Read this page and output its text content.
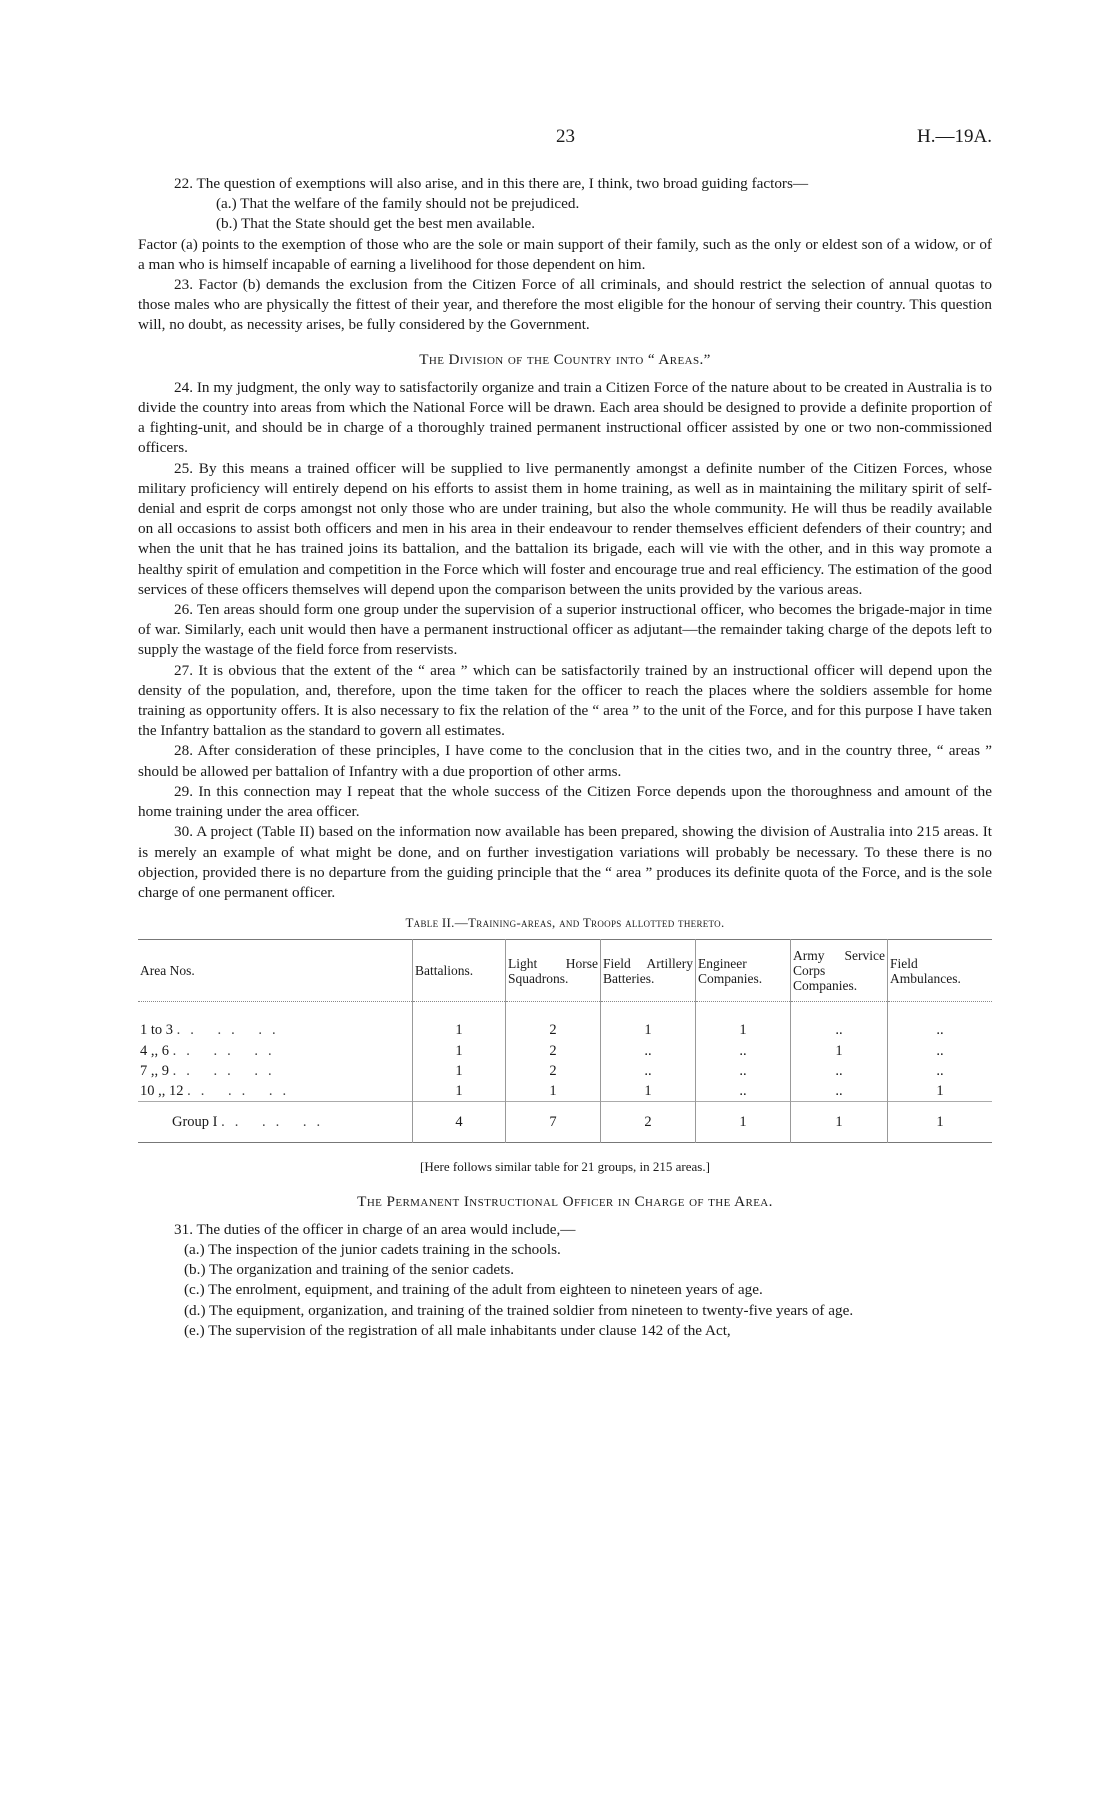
23	H.—19A.

22. The question of exemptions will also arise, and in this there are, I think, two broad guiding factors—

(a.) That the welfare of the family should not be prejudiced.

(b.) That the State should get the best men available.

Factor (a) points to the exemption of those who are the sole or main support of their family, such as the only or eldest son of a widow, or of a man who is himself incapable of earning a livelihood for those dependent on him.

23. Factor (b) demands the exclusion from the Citizen Force of all criminals, and should restrict the selection of annual quotas to those males who are physically the fittest of their year, and therefore the most eligible for the honour of serving their country. This question will, no doubt, as necessity arises, be fully considered by the Government.

The Division of the Country into “ Areas.”

24. In my judgment, the only way to satisfactorily organize and train a Citizen Force of the nature about to be created in Australia is to divide the country into areas from which the National Force will be drawn. Each area should be designed to provide a definite proportion of a fighting-unit, and should be in charge of a thoroughly trained permanent instructional officer assisted by one or two non-commissioned officers.

25. By this means a trained officer will be supplied to live permanently amongst a definite number of the Citizen Forces, whose military proficiency will entirely depend on his efforts to assist them in home training, as well as in maintaining the military spirit of self-denial and esprit de corps amongst not only those who are under training, but also the whole community. He will thus be readily available on all occasions to assist both officers and men in his area in their endeavour to render themselves efficient defenders of their country; and when the unit that he has trained joins its battalion, and the battalion its brigade, each will vie with the other, and in this way promote a healthy spirit of emulation and competition in the Force which will foster and encourage true and real efficiency. The estimation of the good services of these officers themselves will depend upon the comparison between the units provided by the various areas.

26. Ten areas should form one group under the supervision of a superior instructional officer, who becomes the brigade-major in time of war. Similarly, each unit would then have a permanent instructional officer as adjutant—the remainder taking charge of the depots left to supply the wastage of the field force from reservists.

27. It is obvious that the extent of the “ area ” which can be satisfactorily trained by an instructional officer will depend upon the density of the population, and, therefore, upon the time taken for the officer to reach the places where the soldiers assemble for home training as opportunity offers. It is also necessary to fix the relation of the “ area ” to the unit of the Force, and for this purpose I have taken the Infantry battalion as the standard to govern all estimates.

28. After consideration of these principles, I have come to the conclusion that in the cities two, and in the country three, “ areas ” should be allowed per battalion of Infantry with a due proportion of other arms.

29. In this connection may I repeat that the whole success of the Citizen Force depends upon the thoroughness and amount of the home training under the area officer.

30. A project (Table II) based on the information now available has been prepared, showing the division of Australia into 215 areas. It is merely an example of what might be done, and on further investigation variations will probably be necessary. To these there is no objection, provided there is no departure from the guiding principle that the “ area ” produces its definite quota of the Force, and is the sole charge of one permanent officer.

Table II.—Training-areas, and Troops allotted thereto.

Area Nos.	Battalions.	Light Horse Squadrons.	Field Artillery Batteries.	Engineer Companies.	Army Service Corps Companies.	Field Ambulances.
1 to 3 .. .. ..	1	2	1	1	..	..
4 ,, 6 .. .. ..	1	2	..	..	1	..
7 ,, 9 .. .. ..	1	2	..	..	..	..
10 ,, 12 .. .. ..	1	1	1	..	..	1
Group I .. .. ..	4	7	2	1	1	1

[Here follows similar table for 21 groups, in 215 areas.]

The Permanent Instructional Officer in Charge of the Area.

31. The duties of the officer in charge of an area would include,—

(a.) The inspection of the junior cadets training in the schools.

(b.) The organization and training of the senior cadets.

(c.) The enrolment, equipment, and training of the adult from eighteen to nineteen years of age.

(d.) The equipment, organization, and training of the trained soldier from nineteen to twenty-five years of age.

(e.) The supervision of the registration of all male inhabitants under clause 142 of the Act,
